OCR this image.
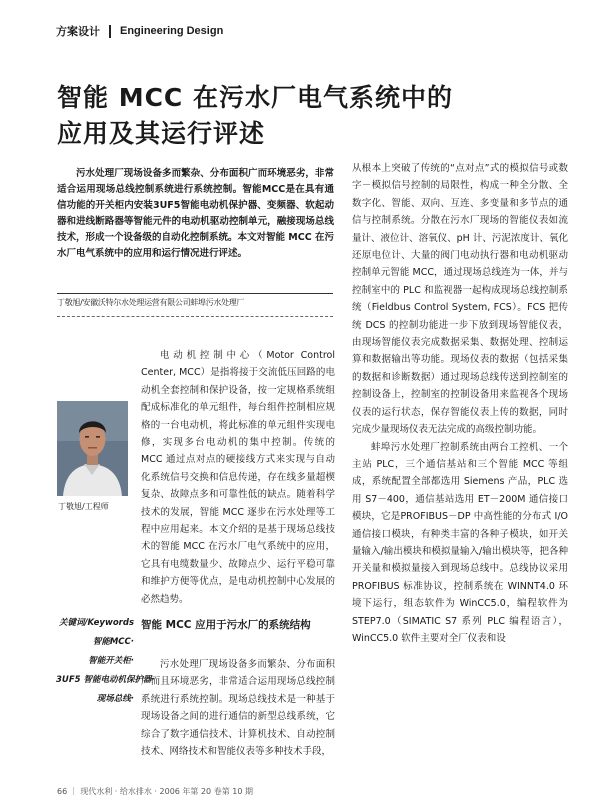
方案设计 Engineering Design
智能 MCC 在污水厂电气系统中的
应用及其运行评述

污水处理厂现场设备多而繁杂、分布面积广而环境恶劣，非常适合运用现场总线控制系统进行系统控制。智能MCC是在具有通信功能的开关柜内安装3UF5智能电动机保护器、变频器、软起动器和进线断路器等智能元件的电动机驱动控制单元，融接现场总线技术，形成一个设备级的自动化控制系统。本文对智能 MCC 在污水厂电气系统中的应用和运行情况进行评述。

丁敬旭/安徽沃特尔水处理运营有限公司蚌埠污水处理厂
丁敬旭/工程师

电动机控制中心（Motor Control Center, MCC）是指将接于交流低压回路的电动机全套控制和保护设备，按一定规格系统组配成标准化的单元组件，每台组件控制相应规格的一台电动机，将此标准的单元组件实现电修，实现多台电动机的集中控制。传统的 MCC 通过点对点的硬接线方式来实现与自动化系统信号交换和信息传递，存在线多量超楔复杂、故障点多和可靠性低的缺点。随着科学技术的发展，智能 MCC 逐步在污水处理等工程中应用起来。本文介绍的是基于现场总线技术的智能 MCC 在污水厂电气系统中的应用，它具有电缆数量少、故障点少、运行平稳可靠和维护方便等优点，是电动机控制中心发展的必然趋势。

关键词/Keywords
智能MCC·
智能开关柜·
3UF5 智能电动机保护器·
现场总线·
智能 MCC 应用于污水厂的系统结构

污水处理厂现场设备多而繁杂、分布面积广而且环境恶劣，非常适合运用现场总线控制系统进行系统控制。现场总线技术是一种基于现场设备之间的进行通信的新型总线系统，它综合了数字通信技术、计算机技术、自动控制技术、网络技术和智能仪表等多种技术手段，

从根本上突破了传统的“点对点”式的模拟信号或数字－模拟信号控制的局限性，构成一种全分散、全数字化、智能、双向、互连、多变量和多节点的通信与控制系统。分散在污水厂现场的智能仪表如流量计、液位计、溶氧仪、pH 计、污泥浓度计、氧化还原电位计、大量的阀门电动执行器和电动机驱动控制单元智能 MCC，通过现场总线连为一体，并与控制室中的 PLC 和监视器一起构成现场总线控制系统（Fieldbus Control System, FCS）。FCS 把传统 DCS 的控制功能进一步下放到现场智能仪表，由现场智能仪表完成数据采集、数据处理、控制运算和数据输出等功能。现场仪表的数据（包括采集的数据和诊断数据）通过现场总线传送到控制室的控制设备上，控制室的控制设备用来监视各个现场仪表的运行状态，保存智能仪表上传的数据，同时完成少量现场仪表无法完成的高级控制功能。

蚌埠污水处理厂控制系统由两台工控机、一个主站 PLC，三个通信基站和三个智能 MCC 等组成，系统配置全部都选用 Siemens 产品，PLC 选用 S7－400，通信基站选用 ET－200M 通信接口模块，它是PROFIBUS－DP 中高性能的分布式 I/O 通信接口模块，有种类丰富的各种子模块，如开关量输入/输出模块和模拟量输入/输出模块等，把各种开关量和模拟量接入到现场总线中。总线协议采用 PROFIBUS 标准协议，控制系统在 WINNT4.0 环境下运行，组态软件为 WinCC5.0，编程软件为 STEP7.0（SIMATIC S7 系列 PLC 编程语言），WinCC5.0 软件主要对全厂仪表和设

66 ｜ 现代水利 · 给水排水 · 2006 年第 20 卷第 10 期
